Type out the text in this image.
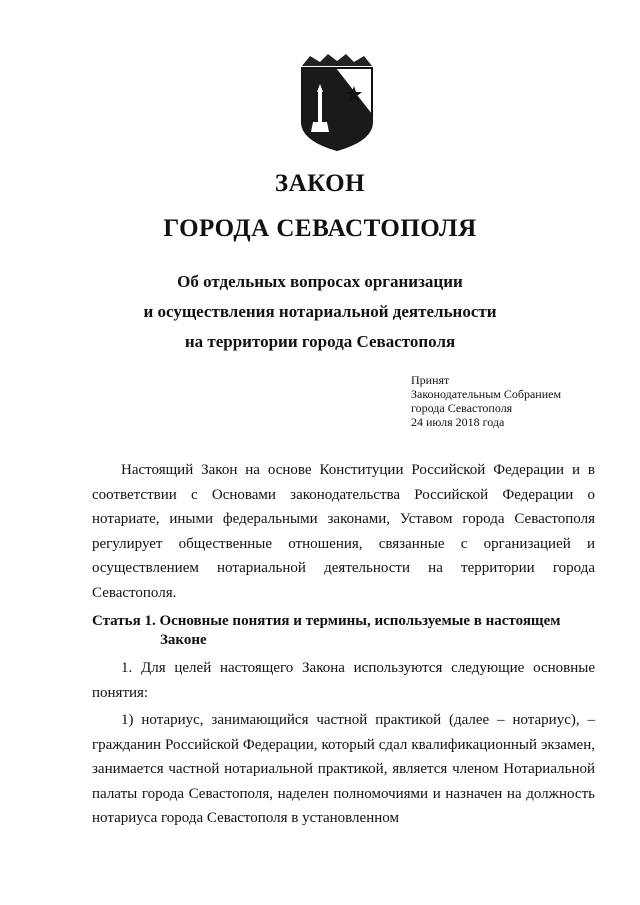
ЗАКОН
ГОРОДА СЕВАСТОПОЛЯ
Об отдельных вопросах организации
и осуществления нотариальной деятельности
на территории города Севастополя
Принят
Законодательным Собранием
города Севастополя
24 июля 2018 года

Настоящий Закон на основе Конституции Российской Федерации и в соответствии с Основами законодательства Российской Федерации о нотариате, иными федеральными законами, Уставом города Севастополя регулирует общественные отношения, связанные с организацией и осуществлением нотариальной деятельности на территории города Севастополя.

Статья 1. Основные понятия и термины, используемые в настоящем
Законе

1. Для целей настоящего Закона используются следующие основные понятия:

1) нотариус, занимающийся частной практикой (далее – нотариус), – гражданин Российской Федерации, который сдал квалификационный экзамен, занимается частной нотариальной практикой, является членом Нотариальной палаты города Севастополя, наделен полномочиями и назначен на должность нотариуса города Севастополя в установленном
